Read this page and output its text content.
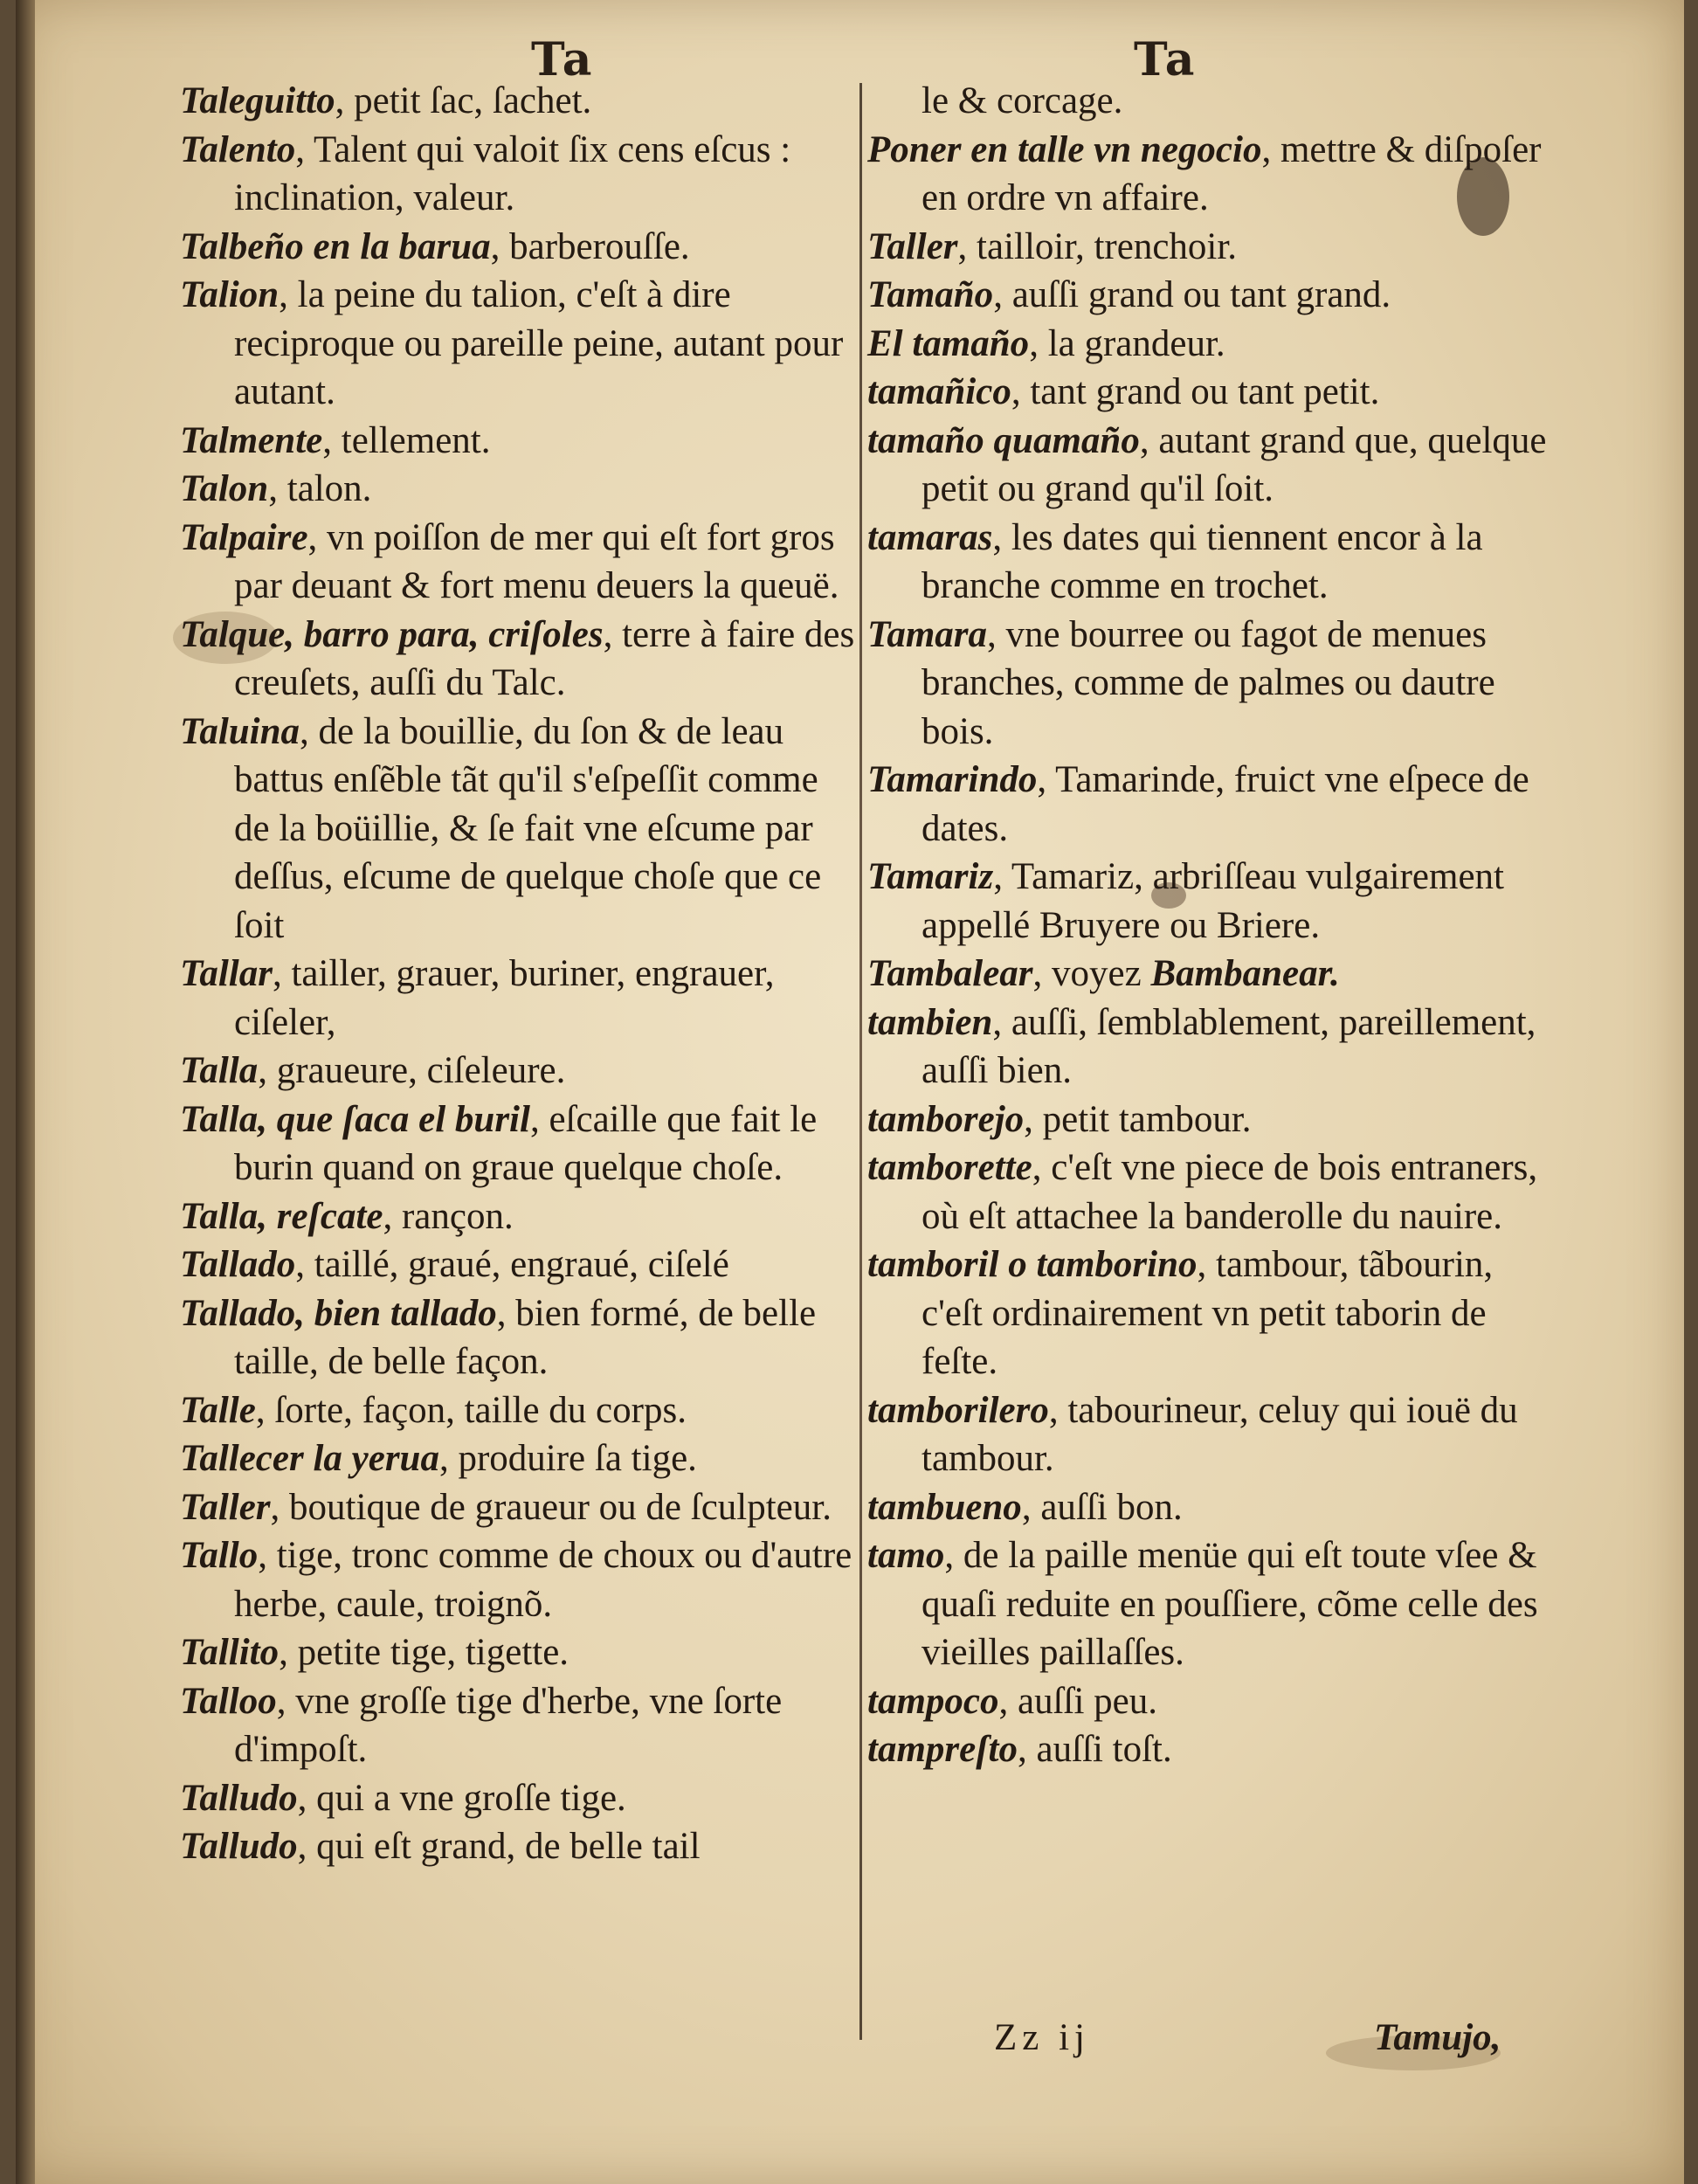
Ta	Ta

Taleguitto, petit ſac, ſachet.

Talento, Talent qui valoit ſix cens eſcus : inclination, valeur.

Talbeño en la barua, barberouſſe.

Talion, la peine du talion, c'eſt à dire reciproque ou pareille peine, autant pour autant.

Talmente, tellement.

Talon, talon.

Talpaire, vn poiſſon de mer qui eſt fort gros par deuant & fort menu deuers la queuë.

Talque, barro para, criſoles, terre à faire des creuſets, auſſi du Talc.

Taluina, de la bouillie, du ſon & de leau battus enſẽble tãt qu'il s'eſpeſſit comme de la boüillie, & ſe fait vne eſcume par deſſus, eſcume de quelque choſe que ce ſoit

Tallar, tailler, grauer, buriner, engrauer, ciſeler,

Talla, graueure, ciſeleure.

Talla, que ſaca el buril, eſcaille que fait le burin quand on graue quelque choſe.

Talla, reſcate, rançon.

Tallado, taillé, graué, engraué, ciſelé

Tallado, bien tallado, bien formé, de belle taille, de belle façon.

Talle, ſorte, façon, taille du corps.

Tallecer la yerua, produire ſa tige.

Taller, boutique de graueur ou de ſculpteur.

Tallo, tige, tronc comme de choux ou d'autre herbe, caule, troignõ.

Tallito, petite tige, tigette.

Talloo, vne groſſe tige d'herbe, vne ſorte d'impoſt.

Talludo, qui a vne groſſe tige.

Talludo, qui eſt grand, de belle tail

le & corcage.

Poner en talle vn negocio, mettre & diſpoſer en ordre vn affaire.

Taller, tailloir, trenchoir.

Tamaño, auſſi grand ou tant grand.

El tamaño, la grandeur.

tamañico, tant grand ou tant petit.

tamaño quamaño, autant grand que, quelque petit ou grand qu'il ſoit.

tamaras, les dates qui tiennent encor à la branche comme en trochet.

Tamara, vne bourree ou fagot de menues branches, comme de palmes ou dautre bois.

Tamarindo, Tamarinde, fruict vne eſpece de dates.

Tamariz, Tamariz, arbriſſeau vulgairement appellé Bruyere ou Briere.

Tambalear, voyez Bambanear.

tambien, auſſi, ſemblablement, pareillement, auſſi bien.

tamborejo, petit tambour.

tamborette, c'eſt vne piece de bois entraners, où eſt attachee la banderolle du nauire.

tamboril o tamborino, tambour, tãbourin, c'eſt ordinairement vn petit taborin de feſte.

tamborilero, tabourineur, celuy qui iouë du tambour.

tambueno, auſſi bon.

tamo, de la paille menüe qui eſt toute vſee & quaſi reduite en pouſſiere, cõme celle des vieilles paillaſſes.

tampoco, auſſi peu.

tampreſto, auſſi toſt.

Zz ij	Tamujo,
